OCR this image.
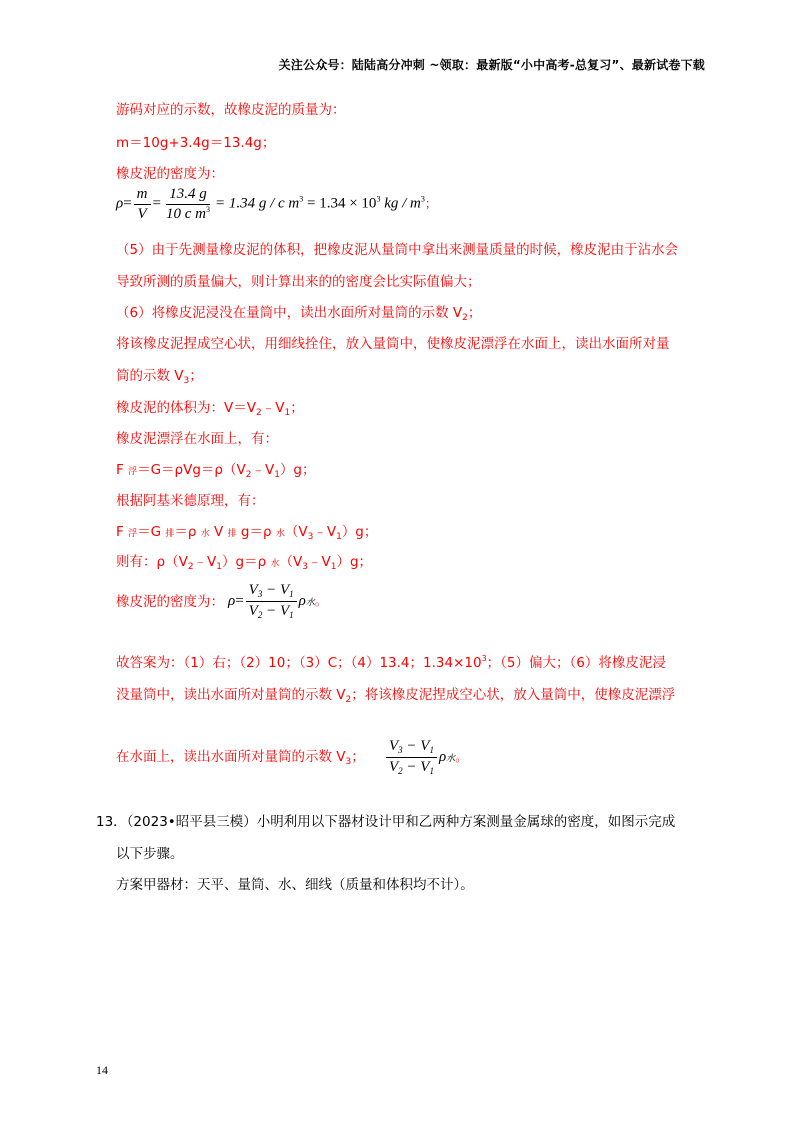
关注公众号：陆陆高分冲刺 ~领取：最新版“小中高考-总复习”、最新试卷下载
游码对应的示数，故橡皮泥的质量为：
m＝10g+3.4g＝13.4g；
橡皮泥的密度为：
$\rho= \frac{m}{V} = \frac{13.4 g}{10 c m^3} = 1.34$ g / c $m^3 = 1.34 \times 10^3$ kg / $m^3$；
（5）由于先测量橡皮泥的体积，把橡皮泥从量筒中拿出来测量质量的时候，橡皮泥由于沾水会
导致所测的质量偏大，则计算出来的的密度会比实际值偏大；
（6）将橡皮泥浸没在量筒中，读出水面所对量筒的示数 $V_2$；
将该橡皮泥捏成空心状，用细线拴住，放入量筒中，使橡皮泥漂浮在水面上，读出水面所对量
筒的示数 $V_3$；
橡皮泥的体积为：$V=V_2﹣V_1$；
橡皮泥漂浮在水面上，有：
F 浮$=G=\rho Vg=\rho(V_2﹣V_1)g$；
根据阿基米德原理，有：
F 浮＝G 排＝ρ 水 V 排 g＝ρ 水$(V_3﹣V_1)g$；
则有：$\rho(V_2﹣V_1)g=\rho$ 水$(V_3﹣V_1)g$；
橡皮泥的密度为： $\rho= \frac{V_3 - V_1}{V_2 - V_1}$ ρ水。
故答案为：（1）右；（2）10；（3）C；（4）13.4；$1.34\times 10^3$；（5）偏大；（6）将橡皮泥浸
没量筒中，读出水面所对量筒的示数 $V_2$；将该橡皮泥捏成空心状，放入量筒中，使橡皮泥漂浮
在水面上，读出水面所对量筒的示数 $V_3$； $\frac{V_3 - V_1}{V_2 - V_1}$ ρ水。
13．（2023•昭平县三模）小明利用以下器材设计甲和乙两种方案测量金属球的密度，如图示完成
以下步骤。
方案甲器材：天平、量筒、水、细线（质量和体积均不计）。
14
